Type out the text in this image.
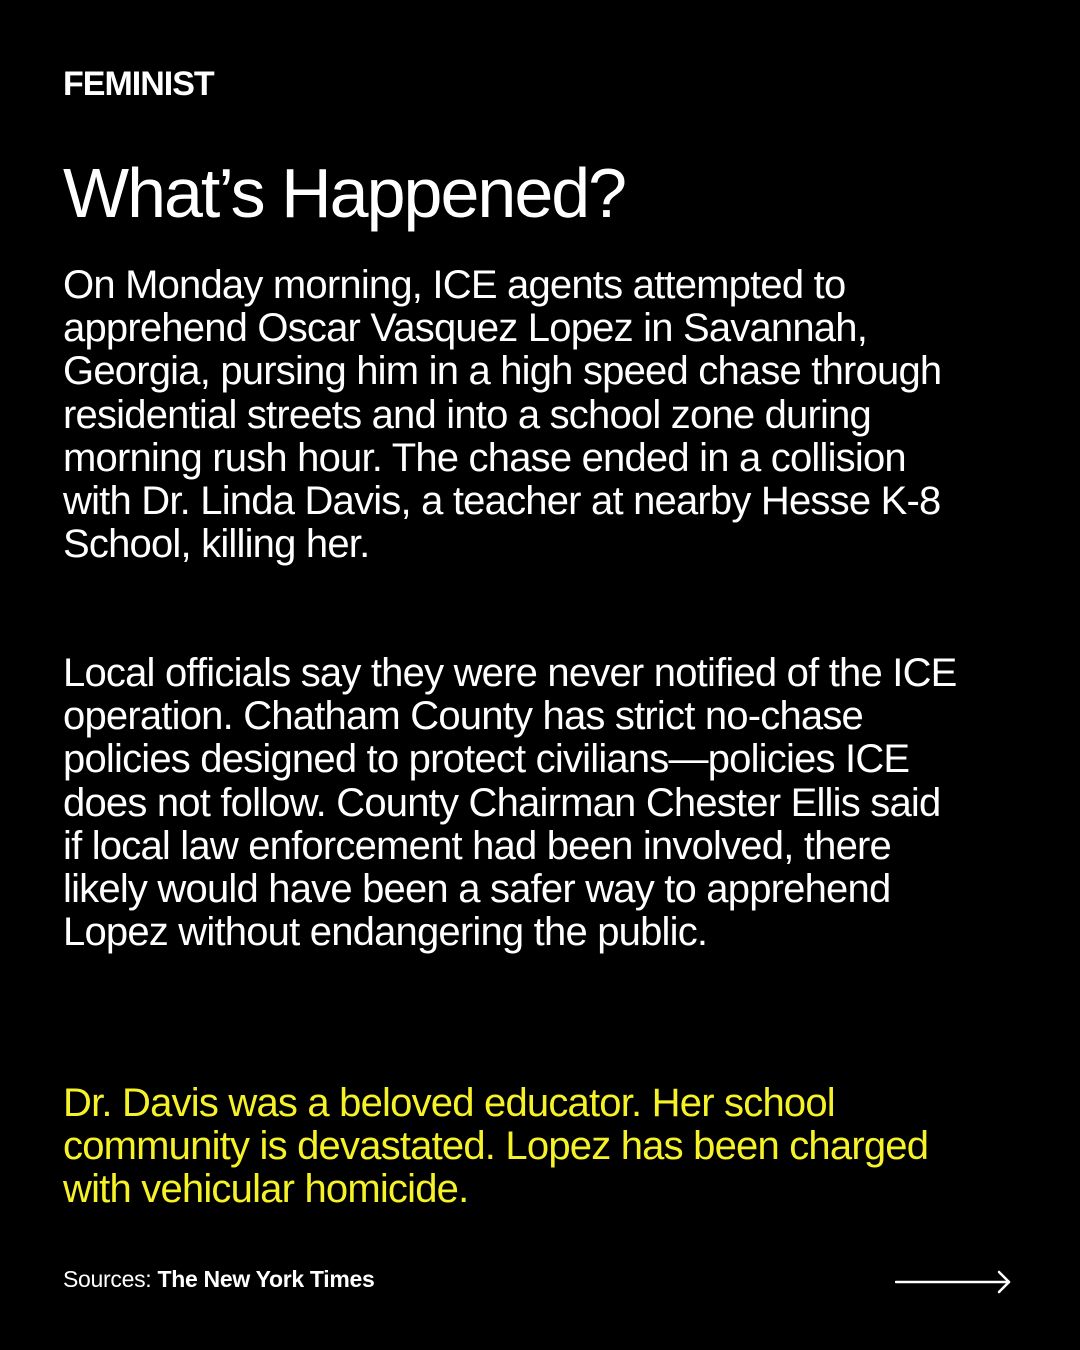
FEMINIST
What’s Happened?

On Monday morning, ICE agents attempted to apprehend Oscar Vasquez Lopez in Savannah, Georgia, pursing him in a high speed chase through residential streets and into a school zone during morning rush hour. The chase ended in a collision with Dr. Linda Davis, a teacher at nearby Hesse K-8 School, killing her.

Local officials say they were never notified of the ICE operation. Chatham County has strict no-chase policies designed to protect civilians—policies ICE does not follow. County Chairman Chester Ellis said if local law enforcement had been involved, there likely would have been a safer way to apprehend Lopez without endangering the public.

Dr. Davis was a beloved educator. Her school community is devastated. Lopez has been charged with vehicular homicide.

Sources: The New York Times
